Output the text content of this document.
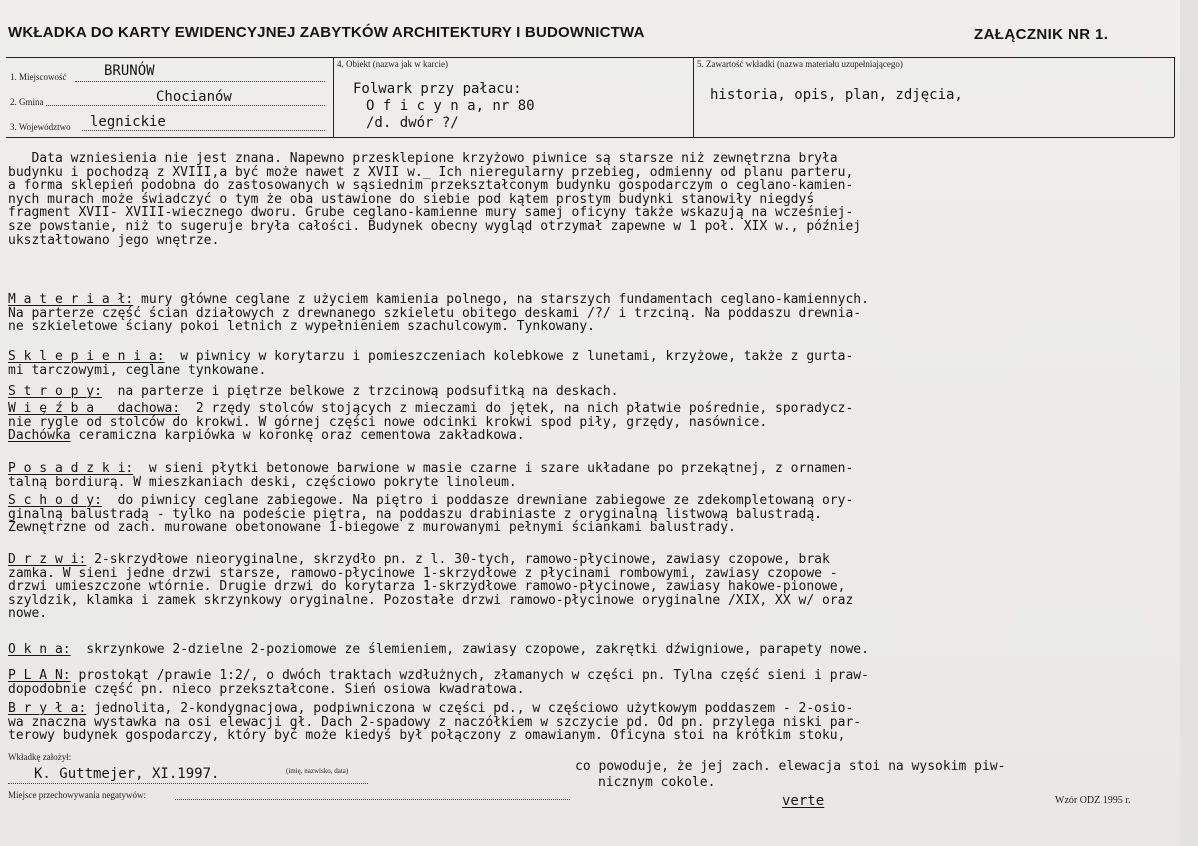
WKŁADKA DO KARTY EWIDENCYJNEJ ZABYTKÓW ARCHITEKTURY I BUDOWNICTWA	ZAŁĄCZNIK NR 1.
1. Miejscowość	BRUNÓW
2. Gmina	Chocianów
3. Województwo legnickie
4. Obiekt (nazwa jak w karcie)
Folwark przy pałacu:
O f i c y n a, nr 80
/d. dwór ?/
5. Zawartość wkładki (nazwa materiału uzupełniającego)
historia, opis, plan, zdjęcia,
Data wzniesienia nie jest znana. Napewno przesklepione krzyżowo piwnice są starsze niż zewnętrzna bryła
budynku i pochodzą z XVIII,a być może nawet z XVII w._ Ich nieregularny przebieg, odmienny od planu parteru,
a forma sklepień podobna do zastosowanych w sąsiednim przekształconym budynku gospodarczym o ceglano-kamien-
nych murach może świadczyć o tym że oba ustawione do siebie pod kątem prostym budynki stanowiły niegdyś
fragment XVII- XVIII-wiecznego dworu. Grube ceglano-kamienne mury samej oficyny także wskazują na wcześniej-
sze powstanie, niż to sugeruje bryła całości. Budynek obecny wygląd otrzymał zapewne w 1 poł. XIX w., później
ukształtowano jego wnętrze.
M a t e r i a ł: mury główne ceglane z użyciem kamienia polnego, na starszych fundamentach ceglano-kamiennych.
Na parterze część ścian działowych z drewnanego szkieletu obitego deskami /?/ i trzciną. Na poddaszu drewnia-
ne szkieletowe ściany pokoi letnich z wypełnieniem szachulcowym. Tynkowany.
S k l e p i e n i a:  w piwnicy w korytarzu i pomieszczeniach kolebkowe z lunetami, krzyżowe, także z gurta-
mi tarczowymi, ceglane tynkowane.
S t r o p y:  na parterze i piętrze belkowe z trzcinową podsufitką na deskach.
W i ę ź b a   dachowa:  2 rzędy stolców stojących z mieczami do jętek, na nich płatwie pośrednie, sporadycz-
nie rygle od stolców do krokwi. W górnej części nowe odcinki krokwi spod piły, grzędy, nasównice.
Dachówka ceramiczna karpiówka w koronkę oraz cementowa zakładkowa.
P o s a d z k i:  w sieni płytki betonowe barwione w masie czarne i szare układane po przekątnej, z ornamen-
talną bordiurą. W mieszkaniach deski, częściowo pokryte linoleum.
S c h o d y:  do piwnicy ceglane zabiegowe. Na piętro i poddasze drewniane zabiegowe ze zdekompletowaną ory-
ginalną balustradą - tylko na podeście piętra, na poddaszu drabiniaste z oryginalną listwową balustradą.
Zewnętrzne od zach. murowane obetonowane 1-biegowe z murowanymi pełnymi ściankami balustrady.
D r z w i: 2-skrzydłowe nieoryginalne, skrzydło pn. z l. 30-tych, ramowo-płycinowe, zawiasy czopowe, brak
zamka. W sieni jedne drzwi starsze, ramowo-płycinowe 1-skrzydłowe z płycinami rombowymi, zawiasy czopowe -
drzwi umieszczone wtórnie. Drugie drzwi do korytarza 1-skrzydłowe ramowo-płycinowe, zawiasy hakowe-pionowe,
szyldzik, klamka i zamek skrzynkowy oryginalne. Pozostałe drzwi ramowo-płycinowe oryginalne /XIX, XX w/ oraz
nowe.
O k n a:  skrzynkowe 2-dzielne 2-poziomowe ze ślemieniem, zawiasy czopowe, zakrętki dźwigniowe, parapety nowe.
P L A N: prostokąt /prawie 1:2/, o dwóch traktach wzdłużnych, złamanych w części pn. Tylna część sieni i praw-
dopodobnie część pn. nieco przekształcone. Sień osiowa kwadratowa.
B r y ł a: jednolita, 2-kondygnacjowa, podpiwniczona w części pd., w częściowo użytkowym poddaszem - 2-osio-
wa znaczna wystawka na osi elewacji gł. Dach 2-spadowy z naczółkiem w szczycie pd. Od pn. przylega niski par-
terowy budynek gospodarczy, który być może kiedyś był połączony z omawianym. Oficyna stoi na krótkim stoku,
co powoduje, że jej zach. elewacja stoi na wysokim piw-
nicznym cokole.
Wkładkę założył:
K. Guttmejer, XI.1997.	(imię, nazwisko, data)
Miejsce przechowywania negatywów:	verte	Wzór ODZ 1995 r.
